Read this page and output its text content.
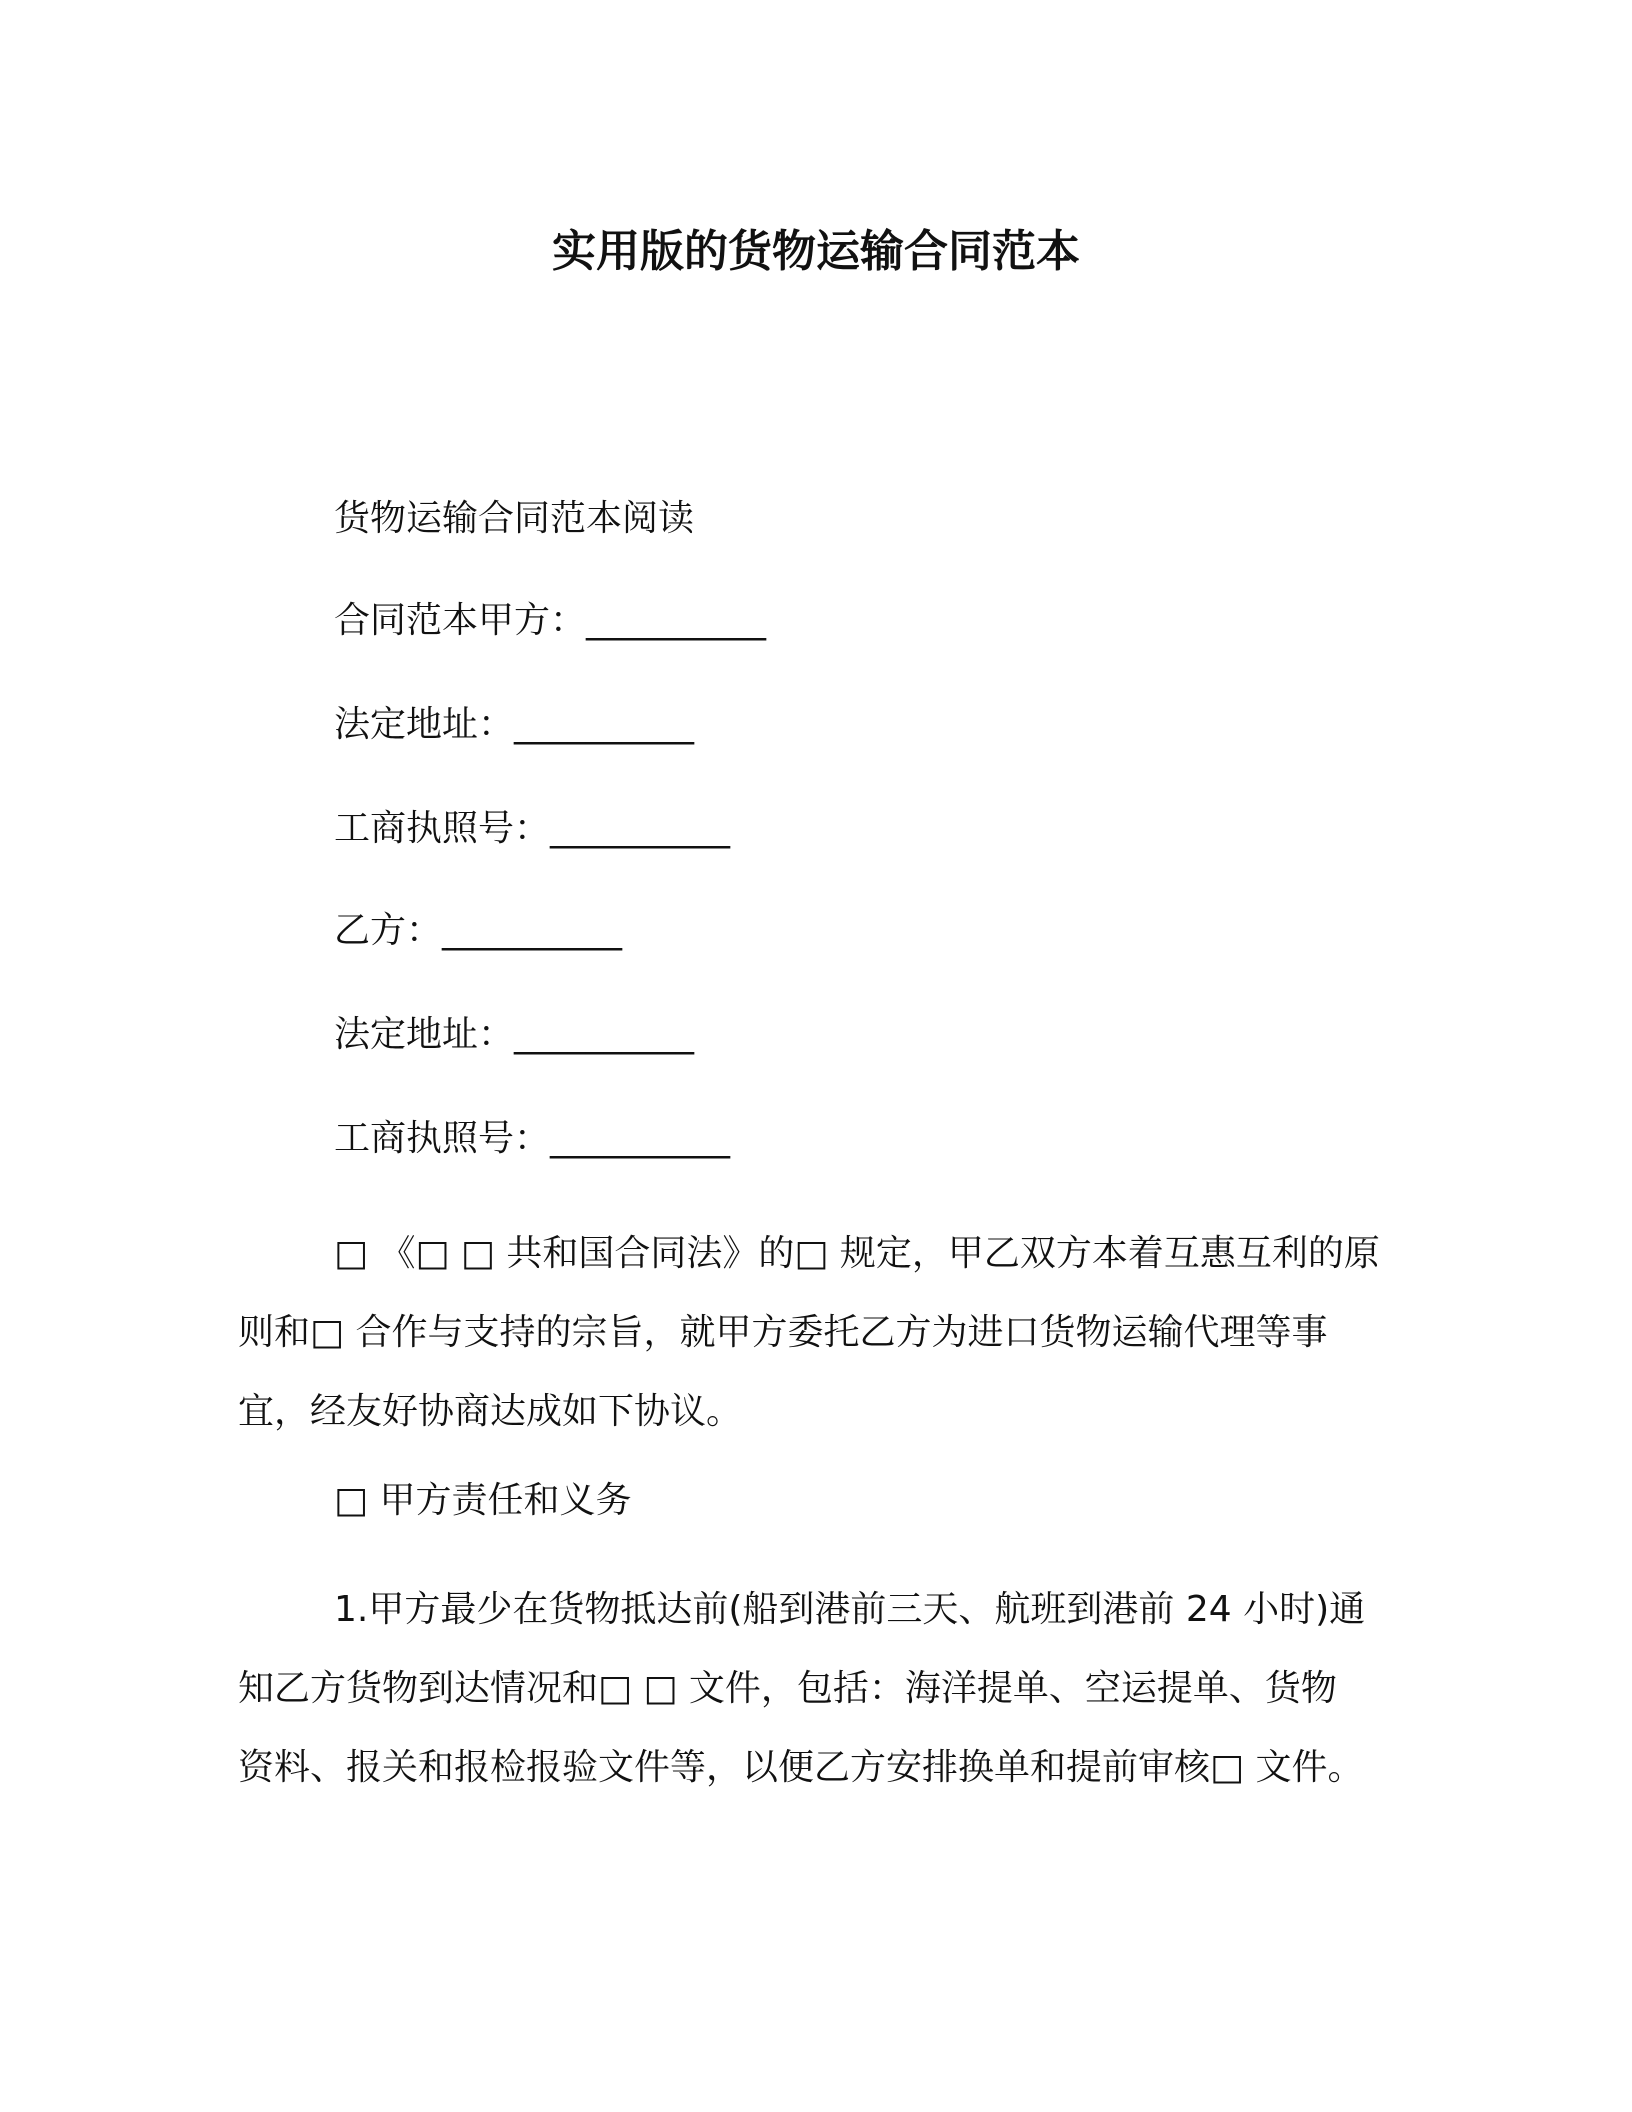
实用版的货物运输合同范本
货物运输合同范本阅读
合同范本甲方：__________
法定地址：__________
工商执照号：__________
乙方：__________
法定地址：__________
工商执照号：__________
□ 《□ □ 共和国合同法》的□ 规定，甲乙双方本着互惠互利的原
则和□ 合作与支持的宗旨，就甲方委托乙方为进口货物运输代理等事
宜，经友好协商达成如下协议。
□ 甲方责任和义务
1.甲方最少在货物抵达前(船到港前三天、航班到港前 24 小时)通
知乙方货物到达情况和□ □ 文件，包括：海洋提单、空运提单、货物
资料、报关和报检报验文件等，以便乙方安排换单和提前审核□ 文件。
